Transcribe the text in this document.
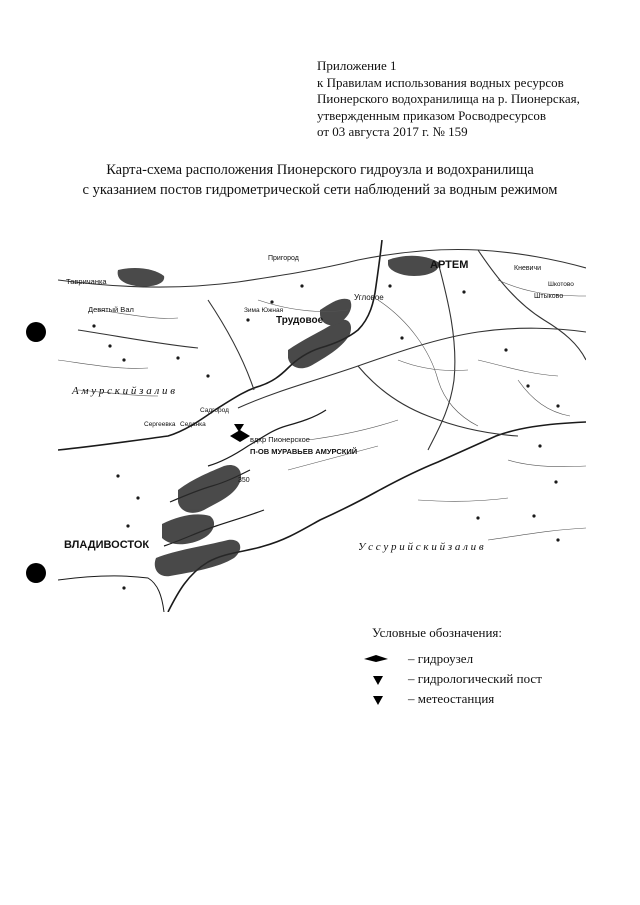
Приложение 1
к Правилам использования водных ресурсов
Пионерского водохранилища на р. Пионерская,
утвержденным приказом Росводресурсов
от 03 августа 2017 г. № 159
Карта-схема расположения Пионерского гидроузла и водохранилища
с указанием постов гидрометрической сети наблюдений за водным режимом
АРТЕМ
Угловое
Трудовое
ВЛАДИВОСТОК
А м у р с к и й з а л и в
У с с у р и й с к и й з а л и в
вдхр Пионерское
П-ОВ МУРАВЬЕВ АМУРСКИЙ
Тавричанка
Девятый Вал
Штыково
Кневичи
Пригород
Седанка
Садгород
Зима Южная
Сергеевка
Шкотово
350
Условные обозначения:
– гидроузел
– гидрологический пост
– метеостанция
